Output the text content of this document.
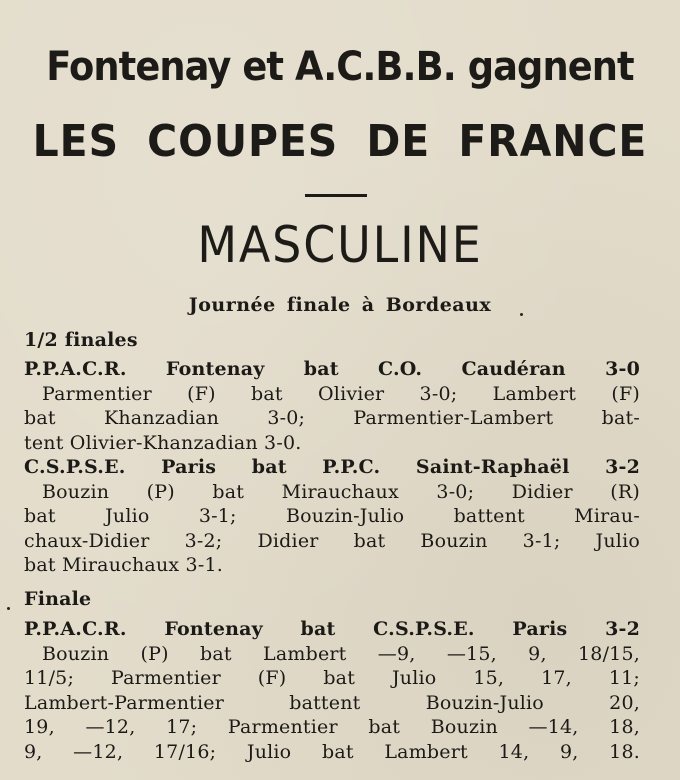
Fontenay et A.C.B.B. gagnent
LES COUPES DE FRANCE
MASCULINE
Journée finale à Bordeaux
1/2 finales
P.P.A.C.R. Fontenay bat C.O. Caudéran 3-0
Parmentier (F) bat Olivier 3-0; Lambert (F)
bat Khanzadian 3-0; Parmentier-Lambert bat-
tent Olivier-Khanzadian 3-0.
C.S.P.S.E. Paris bat P.P.C. Saint-Raphaël 3-2
Bouzin (P) bat Mirauchaux 3-0; Didier (R)
bat Julio 3-1; Bouzin-Julio battent Mirau-
chaux-Didier 3-2; Didier bat Bouzin 3-1; Julio
bat Mirauchaux 3-1.
Finale
P.P.A.C.R. Fontenay bat C.S.P.S.E. Paris 3-2
Bouzin (P) bat Lambert —9, —15, 9, 18/15,
11/5; Parmentier (F) bat Julio 15, 17, 11;
Lambert-Parmentier battent Bouzin-Julio 20,
19, —12, 17; Parmentier bat Bouzin —14, 18,
9, —12, 17/16; Julio bat Lambert 14, 9, 18.
